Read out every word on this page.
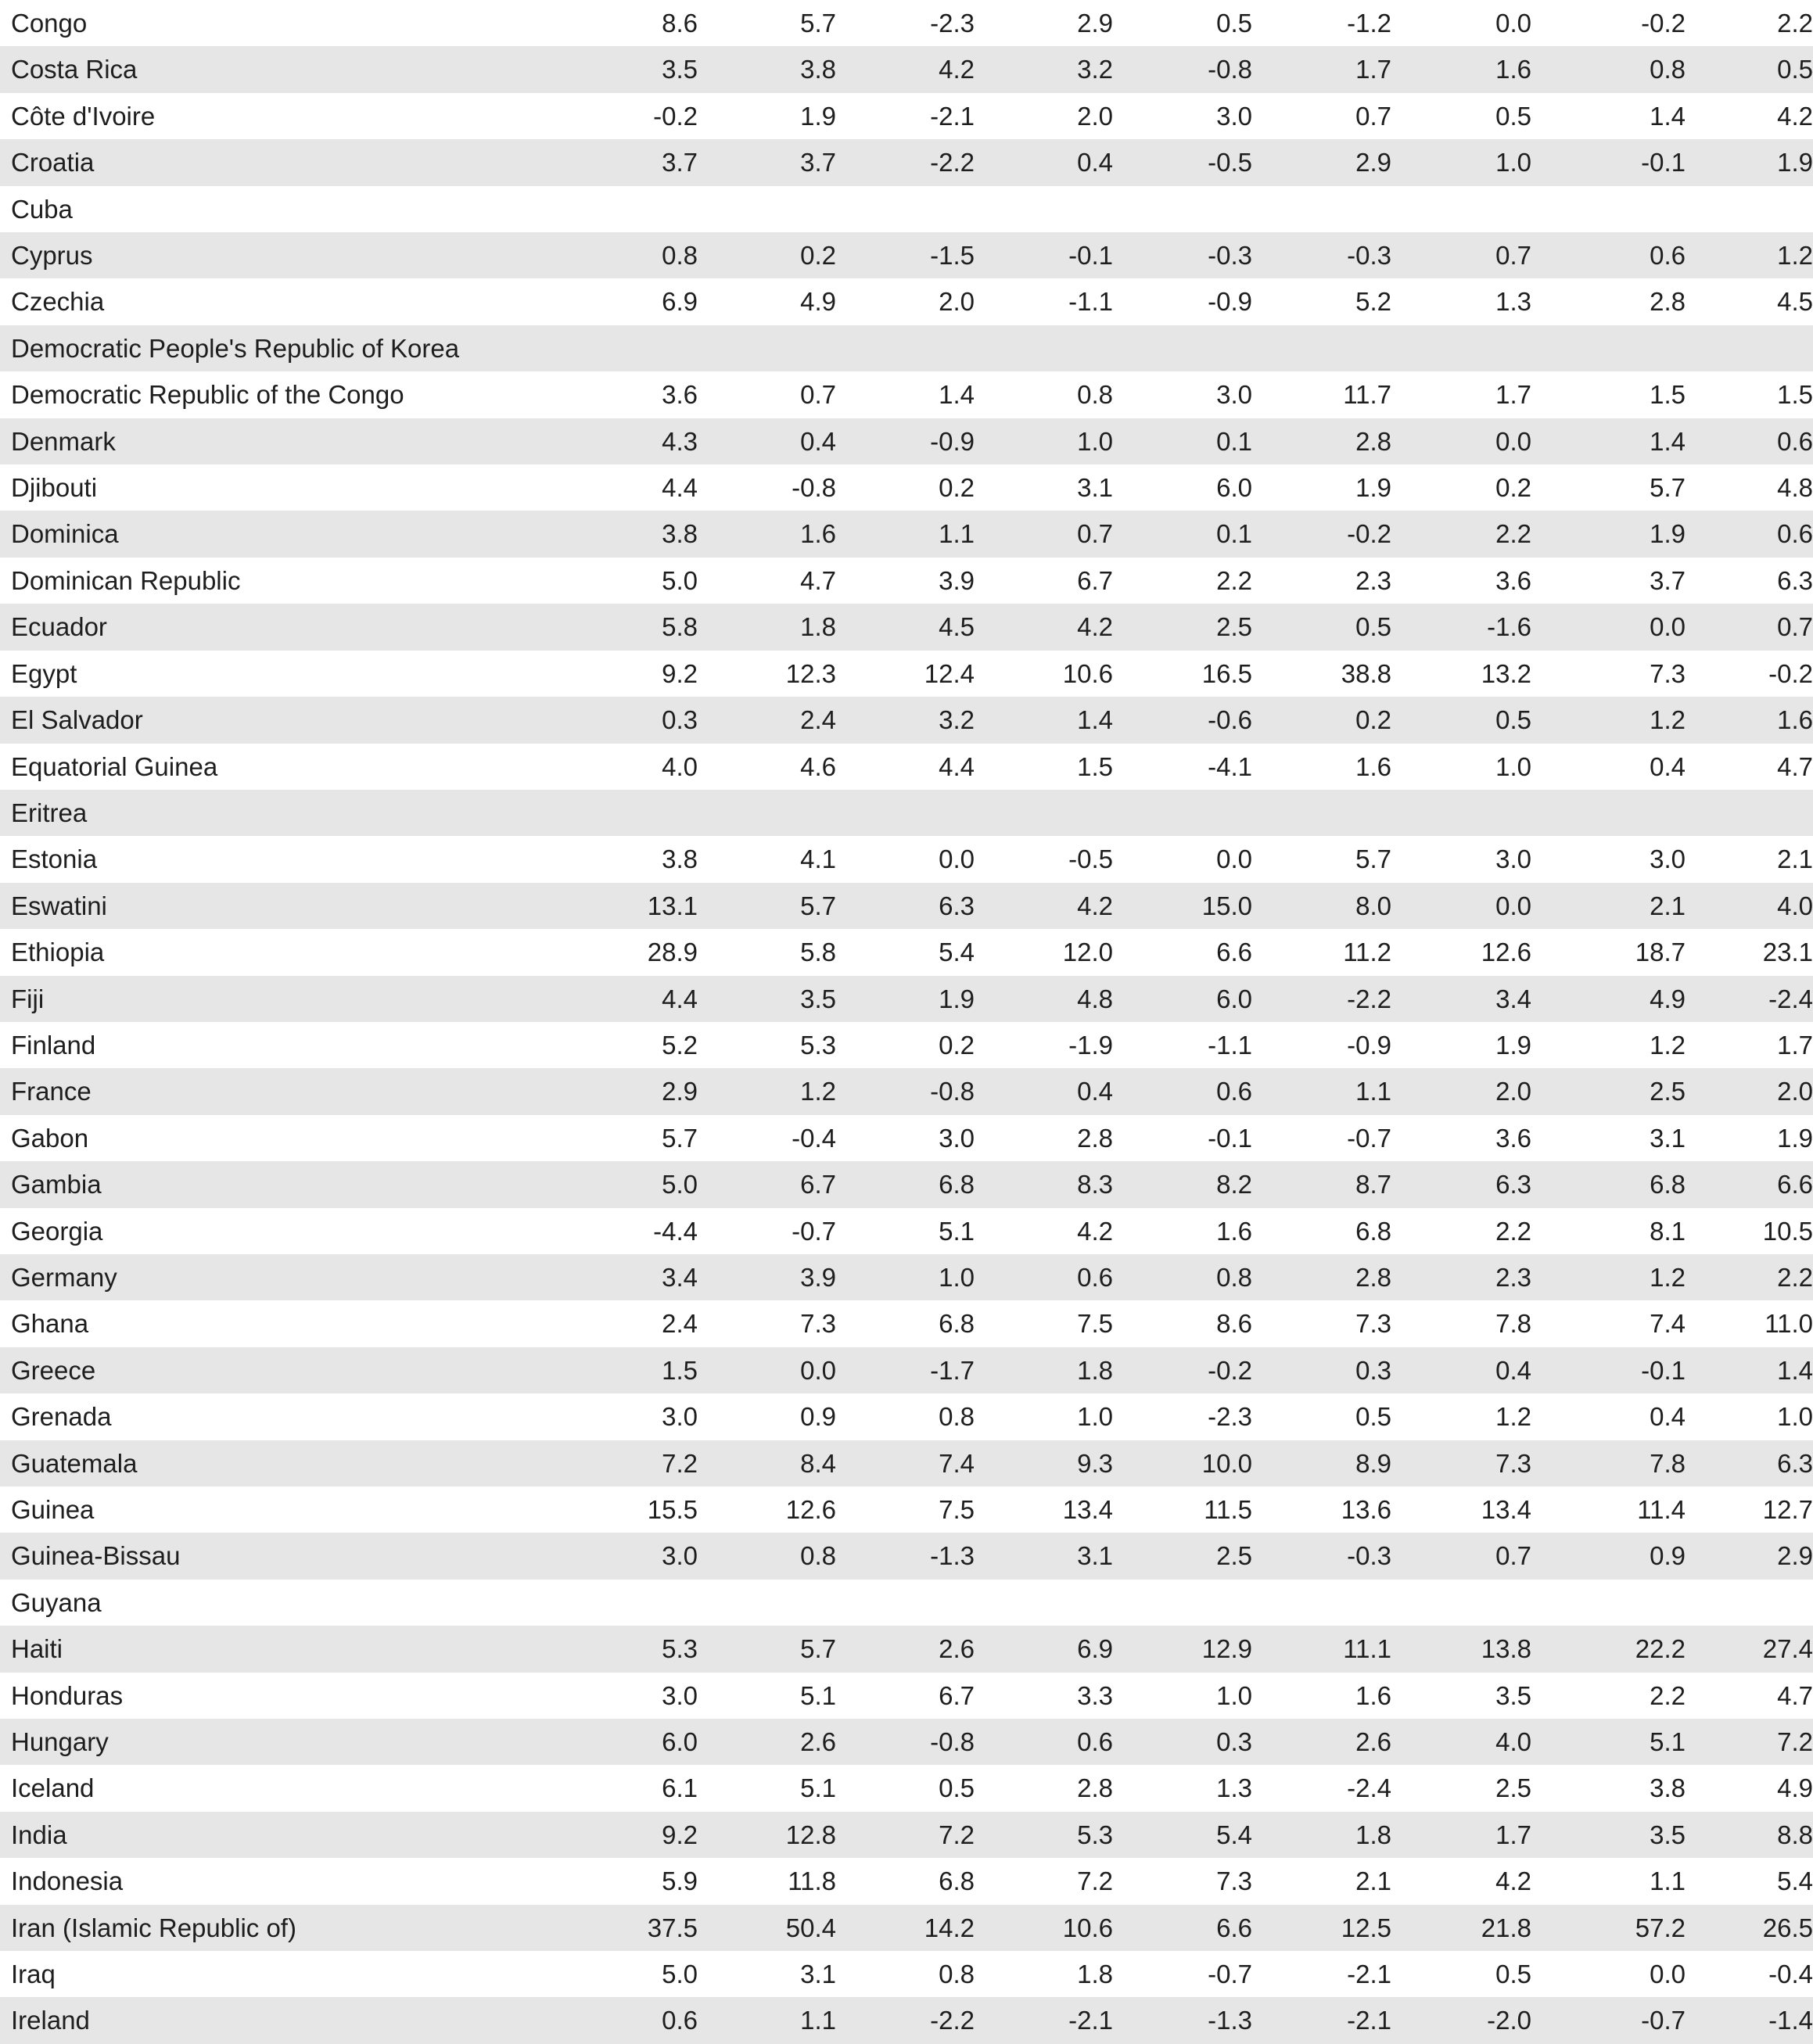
Congo	8.6	5.7	-2.3	2.9	0.5	-1.2	0.0	-0.2	2.2
Costa Rica	3.5	3.8	4.2	3.2	-0.8	1.7	1.6	0.8	0.5
Côte d'Ivoire	-0.2	1.9	-2.1	2.0	3.0	0.7	0.5	1.4	4.2
Croatia	3.7	3.7	-2.2	0.4	-0.5	2.9	1.0	-0.1	1.9
Cuba									
Cyprus	0.8	0.2	-1.5	-0.1	-0.3	-0.3	0.7	0.6	1.2
Czechia	6.9	4.9	2.0	-1.1	-0.9	5.2	1.3	2.8	4.5
Democratic People's Republic of Korea									
Democratic Republic of the Congo	3.6	0.7	1.4	0.8	3.0	11.7	1.7	1.5	1.5
Denmark	4.3	0.4	-0.9	1.0	0.1	2.8	0.0	1.4	0.6
Djibouti	4.4	-0.8	0.2	3.1	6.0	1.9	0.2	5.7	4.8
Dominica	3.8	1.6	1.1	0.7	0.1	-0.2	2.2	1.9	0.6
Dominican Republic	5.0	4.7	3.9	6.7	2.2	2.3	3.6	3.7	6.3
Ecuador	5.8	1.8	4.5	4.2	2.5	0.5	-1.6	0.0	0.7
Egypt	9.2	12.3	12.4	10.6	16.5	38.8	13.2	7.3	-0.2
El Salvador	0.3	2.4	3.2	1.4	-0.6	0.2	0.5	1.2	1.6
Equatorial Guinea	4.0	4.6	4.4	1.5	-4.1	1.6	1.0	0.4	4.7
Eritrea									
Estonia	3.8	4.1	0.0	-0.5	0.0	5.7	3.0	3.0	2.1
Eswatini	13.1	5.7	6.3	4.2	15.0	8.0	0.0	2.1	4.0
Ethiopia	28.9	5.8	5.4	12.0	6.6	11.2	12.6	18.7	23.1
Fiji	4.4	3.5	1.9	4.8	6.0	-2.2	3.4	4.9	-2.4
Finland	5.2	5.3	0.2	-1.9	-1.1	-0.9	1.9	1.2	1.7
France	2.9	1.2	-0.8	0.4	0.6	1.1	2.0	2.5	2.0
Gabon	5.7	-0.4	3.0	2.8	-0.1	-0.7	3.6	3.1	1.9
Gambia	5.0	6.7	6.8	8.3	8.2	8.7	6.3	6.8	6.6
Georgia	-4.4	-0.7	5.1	4.2	1.6	6.8	2.2	8.1	10.5
Germany	3.4	3.9	1.0	0.6	0.8	2.8	2.3	1.2	2.2
Ghana	2.4	7.3	6.8	7.5	8.6	7.3	7.8	7.4	11.0
Greece	1.5	0.0	-1.7	1.8	-0.2	0.3	0.4	-0.1	1.4
Grenada	3.0	0.9	0.8	1.0	-2.3	0.5	1.2	0.4	1.0
Guatemala	7.2	8.4	7.4	9.3	10.0	8.9	7.3	7.8	6.3
Guinea	15.5	12.6	7.5	13.4	11.5	13.6	13.4	11.4	12.7
Guinea-Bissau	3.0	0.8	-1.3	3.1	2.5	-0.3	0.7	0.9	2.9
Guyana									
Haiti	5.3	5.7	2.6	6.9	12.9	11.1	13.8	22.2	27.4
Honduras	3.0	5.1	6.7	3.3	1.0	1.6	3.5	2.2	4.7
Hungary	6.0	2.6	-0.8	0.6	0.3	2.6	4.0	5.1	7.2
Iceland	6.1	5.1	0.5	2.8	1.3	-2.4	2.5	3.8	4.9
India	9.2	12.8	7.2	5.3	5.4	1.8	1.7	3.5	8.8
Indonesia	5.9	11.8	6.8	7.2	7.3	2.1	4.2	1.1	5.4
Iran (Islamic Republic of)	37.5	50.4	14.2	10.6	6.6	12.5	21.8	57.2	26.5
Iraq	5.0	3.1	0.8	1.8	-0.7	-2.1	0.5	0.0	-0.4
Ireland	0.6	1.1	-2.2	-2.1	-1.3	-2.1	-2.0	-0.7	-1.4
